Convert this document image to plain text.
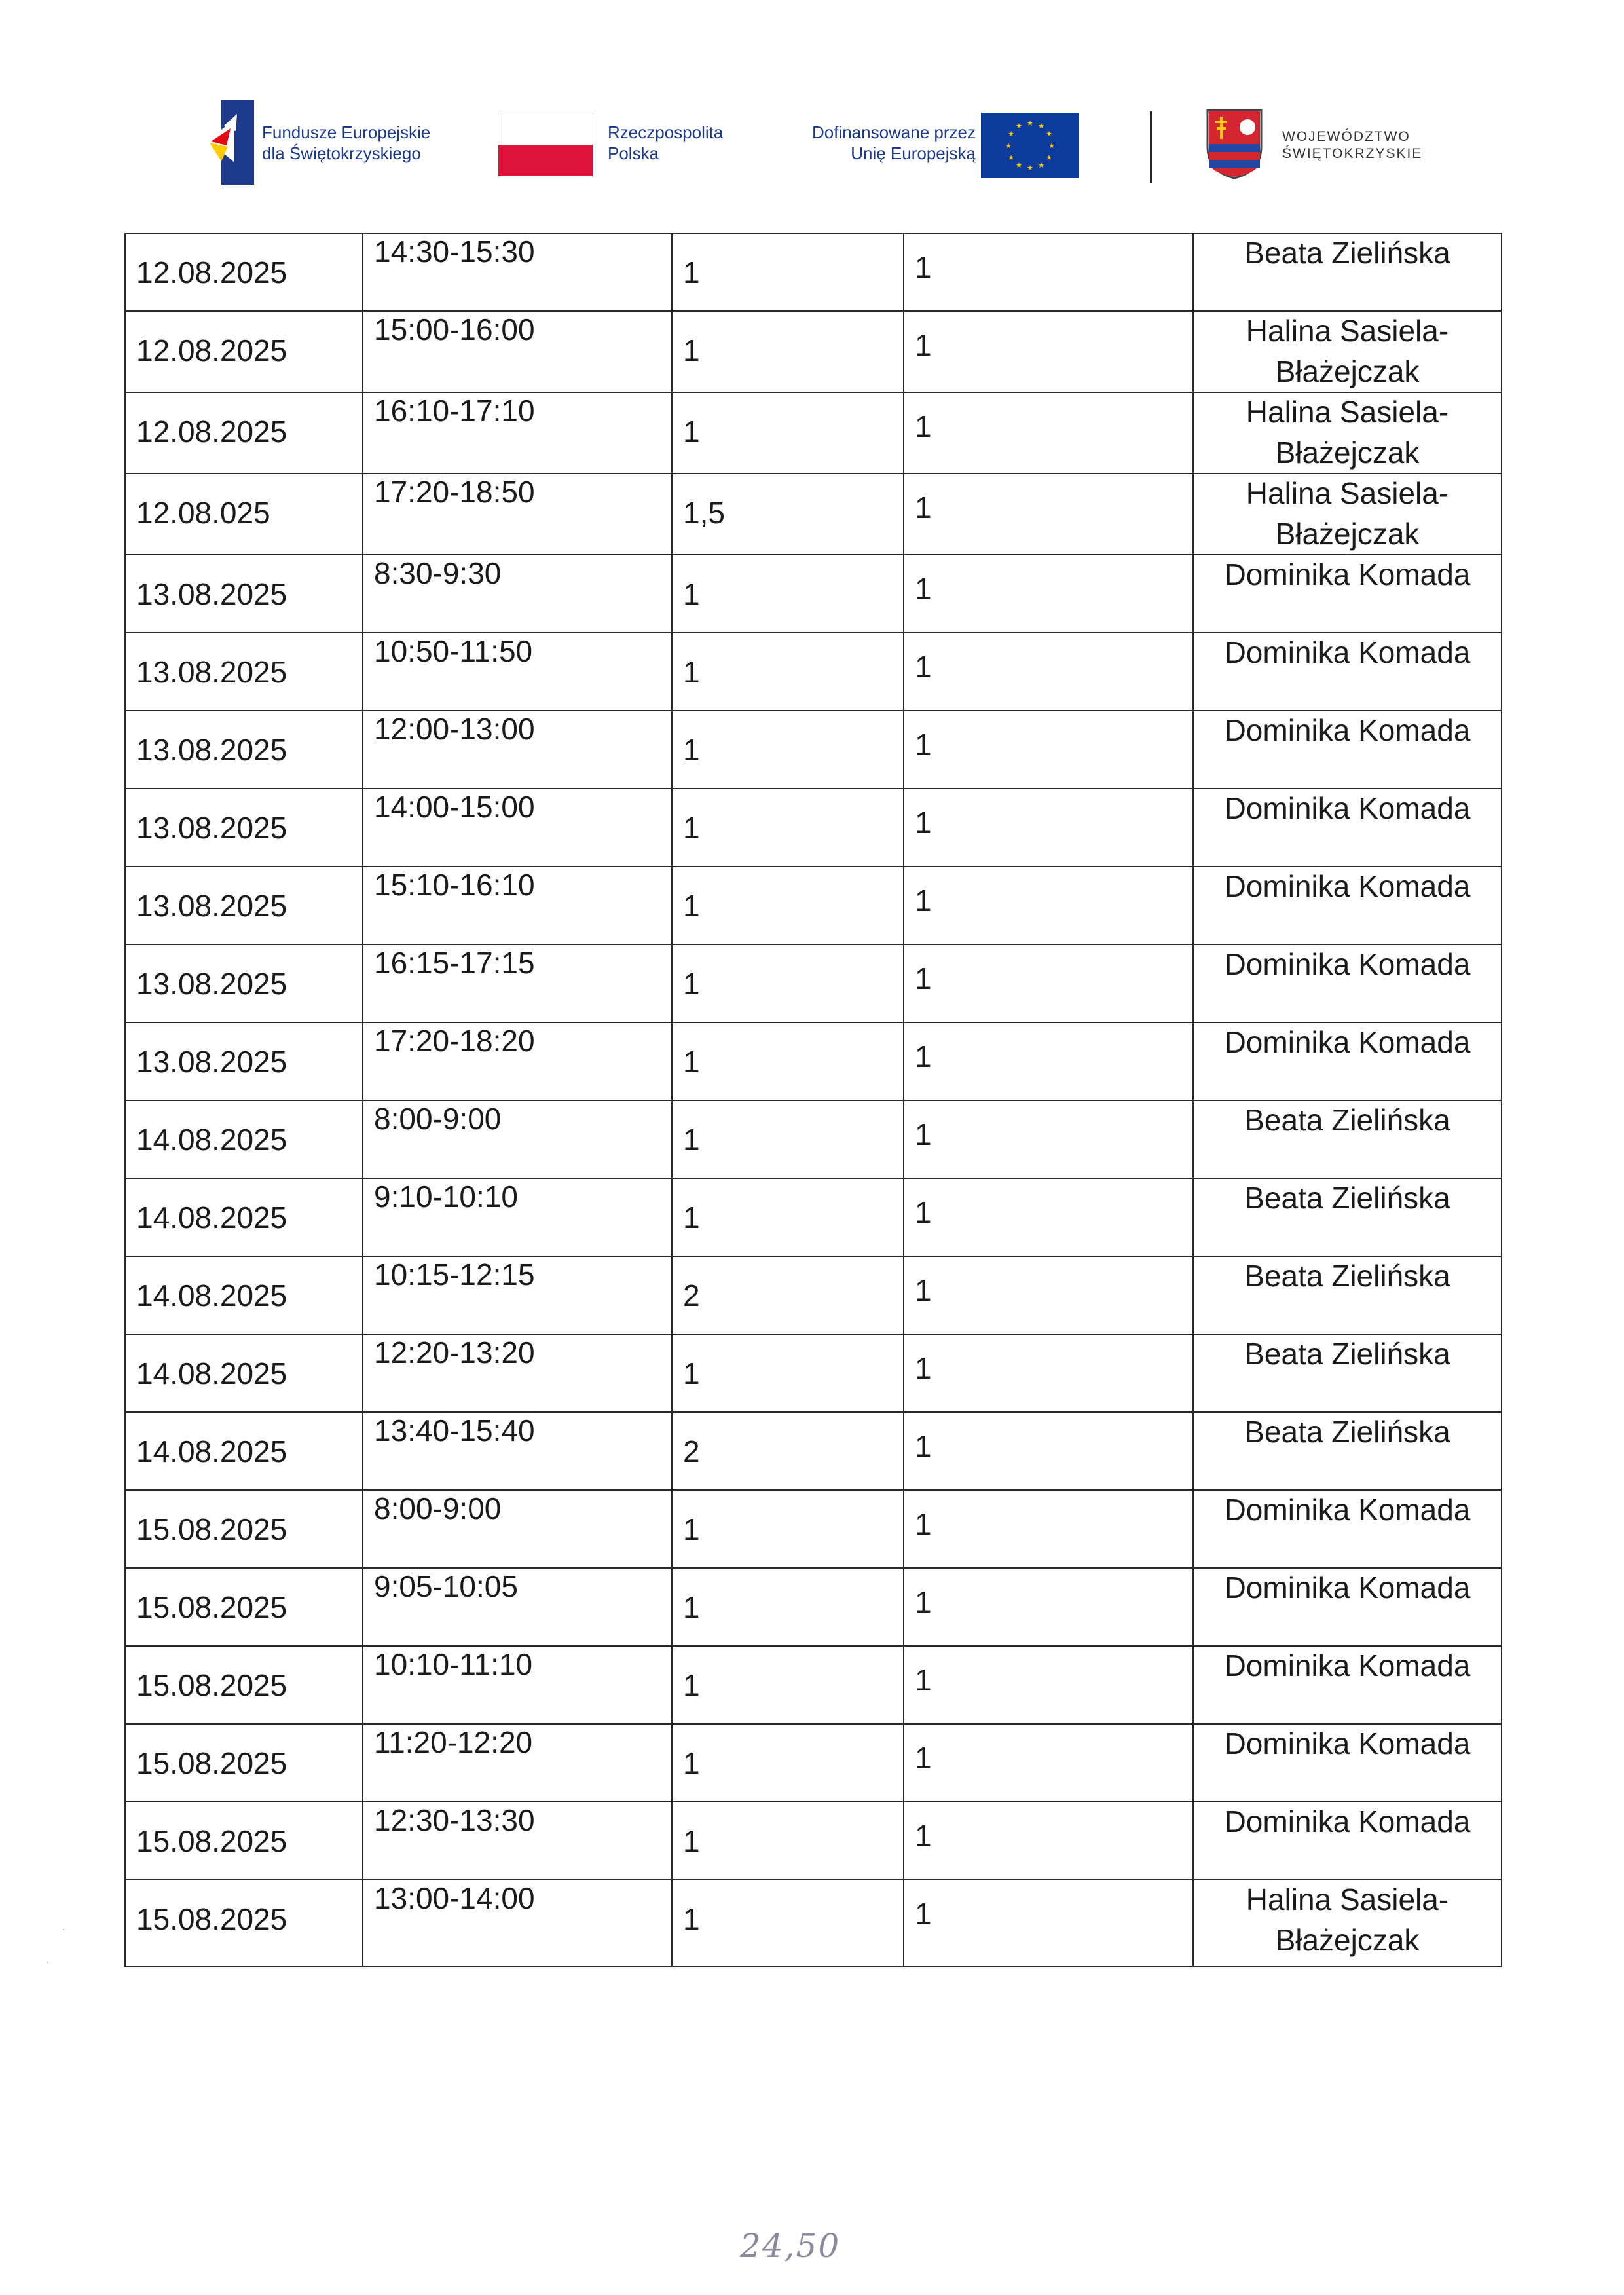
Fundusze Europejskie
dla Świętokrzyskiego
Rzeczpospolita
Polska
Dofinansowane przez
Unię Europejską
★ ★
★
★
★
★
★
★
★
★
★
★
WOJEWÓDZTWO
ŚWIĘTOKRZYSKIE
12.08.2025	14:30-15:30	1	1	Beata Zielińska

12.08.2025	15:00-16:00	1	1	Halina Sasiela-Błażejczak

12.08.2025	16:10-17:10	1	1	Halina Sasiela-Błażejczak

12.08.025	17:20-18:50	1,5	1	Halina Sasiela-Błażejczak

13.08.2025	8:30-9:30	1	1	Dominika Komada

13.08.2025	10:50-11:50	1	1	Dominika Komada

13.08.2025	12:00-13:00	1	1	Dominika Komada

13.08.2025	14:00-15:00	1	1	Dominika Komada

13.08.2025	15:10-16:10	1	1	Dominika Komada

13.08.2025	16:15-17:15	1	1	Dominika Komada

13.08.2025	17:20-18:20	1	1	Dominika Komada

14.08.2025	8:00-9:00	1	1	Beata Zielińska

14.08.2025	9:10-10:10	1	1	Beata Zielińska

14.08.2025	10:15-12:15	2	1	Beata Zielińska

14.08.2025	12:20-13:20	1	1	Beata Zielińska

14.08.2025	13:40-15:40	2	1	Beata Zielińska

15.08.2025	8:00-9:00	1	1	Dominika Komada

15.08.2025	9:05-10:05	1	1	Dominika Komada

15.08.2025	10:10-11:10	1	1	Dominika Komada

15.08.2025	11:20-12:20	1	1	Dominika Komada

15.08.2025	12:30-13:30	1	1	Dominika Komada

15.08.2025	13:00-14:00	1	1	Halina Sasiela-Błażejczak
·
·
24,50
